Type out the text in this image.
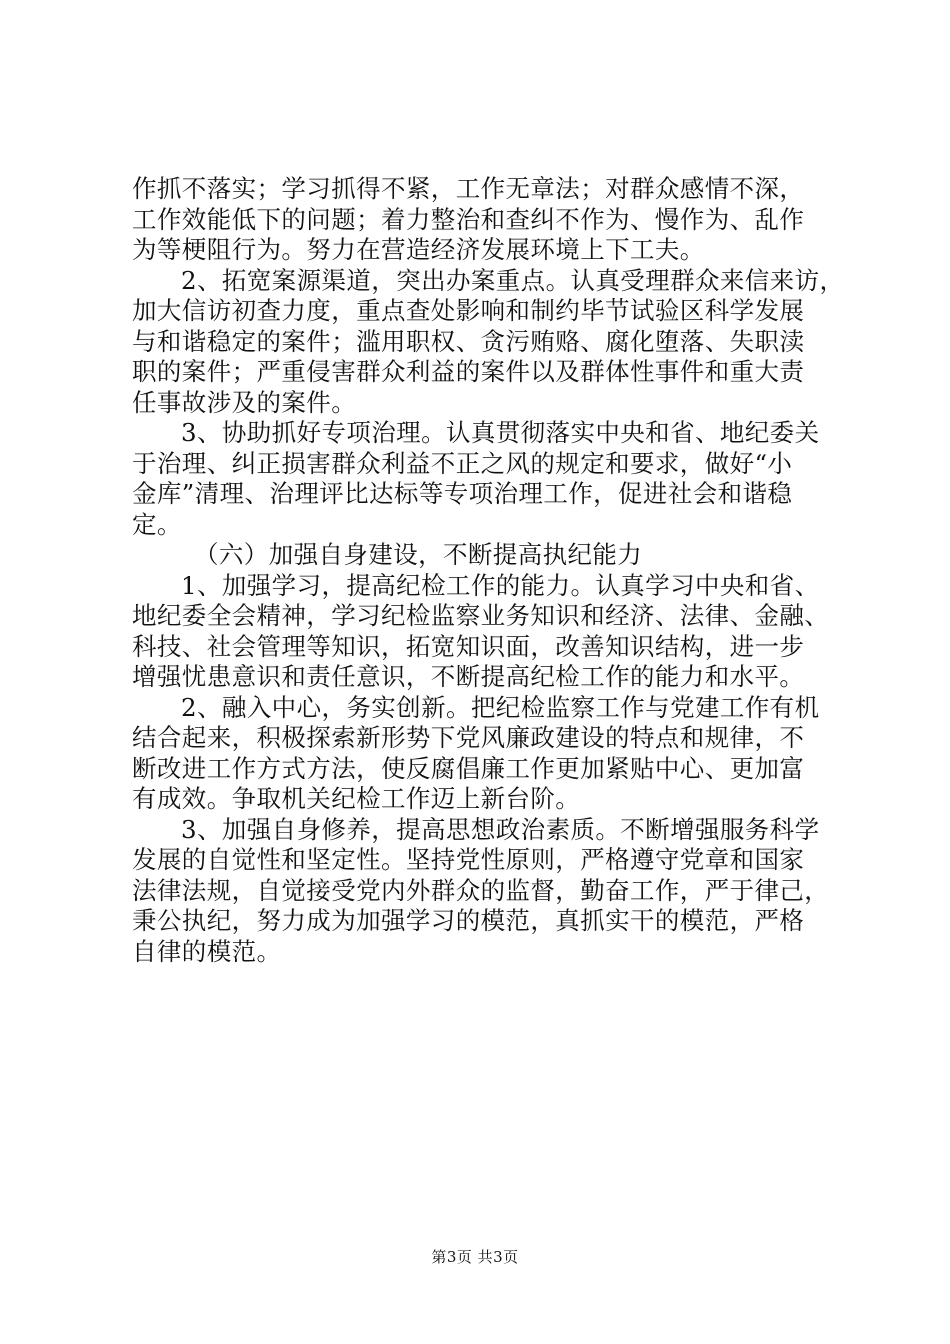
作抓不落实；学习抓得不紧，工作无章法；对群众感情不深，
工作效能低下的问题；着力整治和查纠不作为、慢作为、乱作
为等梗阻行为。努力在营造经济发展环境上下工夫。
2、拓宽案源渠道，突出办案重点。认真受理群众来信来访，
加大信访初查力度，重点查处影响和制约毕节试验区科学发展
与和谐稳定的案件；滥用职权、贪污贿赂、腐化堕落、失职渎
职的案件；严重侵害群众利益的案件以及群体性事件和重大责
任事故涉及的案件。
3、协助抓好专项治理。认真贯彻落实中央和省、地纪委关
于治理、纠正损害群众利益不正之风的规定和要求，做好“小
金库”清理、治理评比达标等专项治理工作，促进社会和谐稳
定。
（六）加强自身建设，不断提高执纪能力
1、加强学习，提高纪检工作的能力。认真学习中央和省、
地纪委全会精神，学习纪检监察业务知识和经济、法律、金融、
科技、社会管理等知识，拓宽知识面，改善知识结构，进一步
增强忧患意识和责任意识，不断提高纪检工作的能力和水平。
2、融入中心，务实创新。把纪检监察工作与党建工作有机
结合起来，积极探索新形势下党风廉政建设的特点和规律，不
断改进工作方式方法，使反腐倡廉工作更加紧贴中心、更加富
有成效。争取机关纪检工作迈上新台阶。
3、加强自身修养，提高思想政治素质。不断增强服务科学
发展的自觉性和坚定性。坚持党性原则，严格遵守党章和国家
法律法规，自觉接受党内外群众的监督，勤奋工作，严于律己，
秉公执纪，努力成为加强学习的模范，真抓实干的模范，严格
自律的模范。
第3页 共3页
